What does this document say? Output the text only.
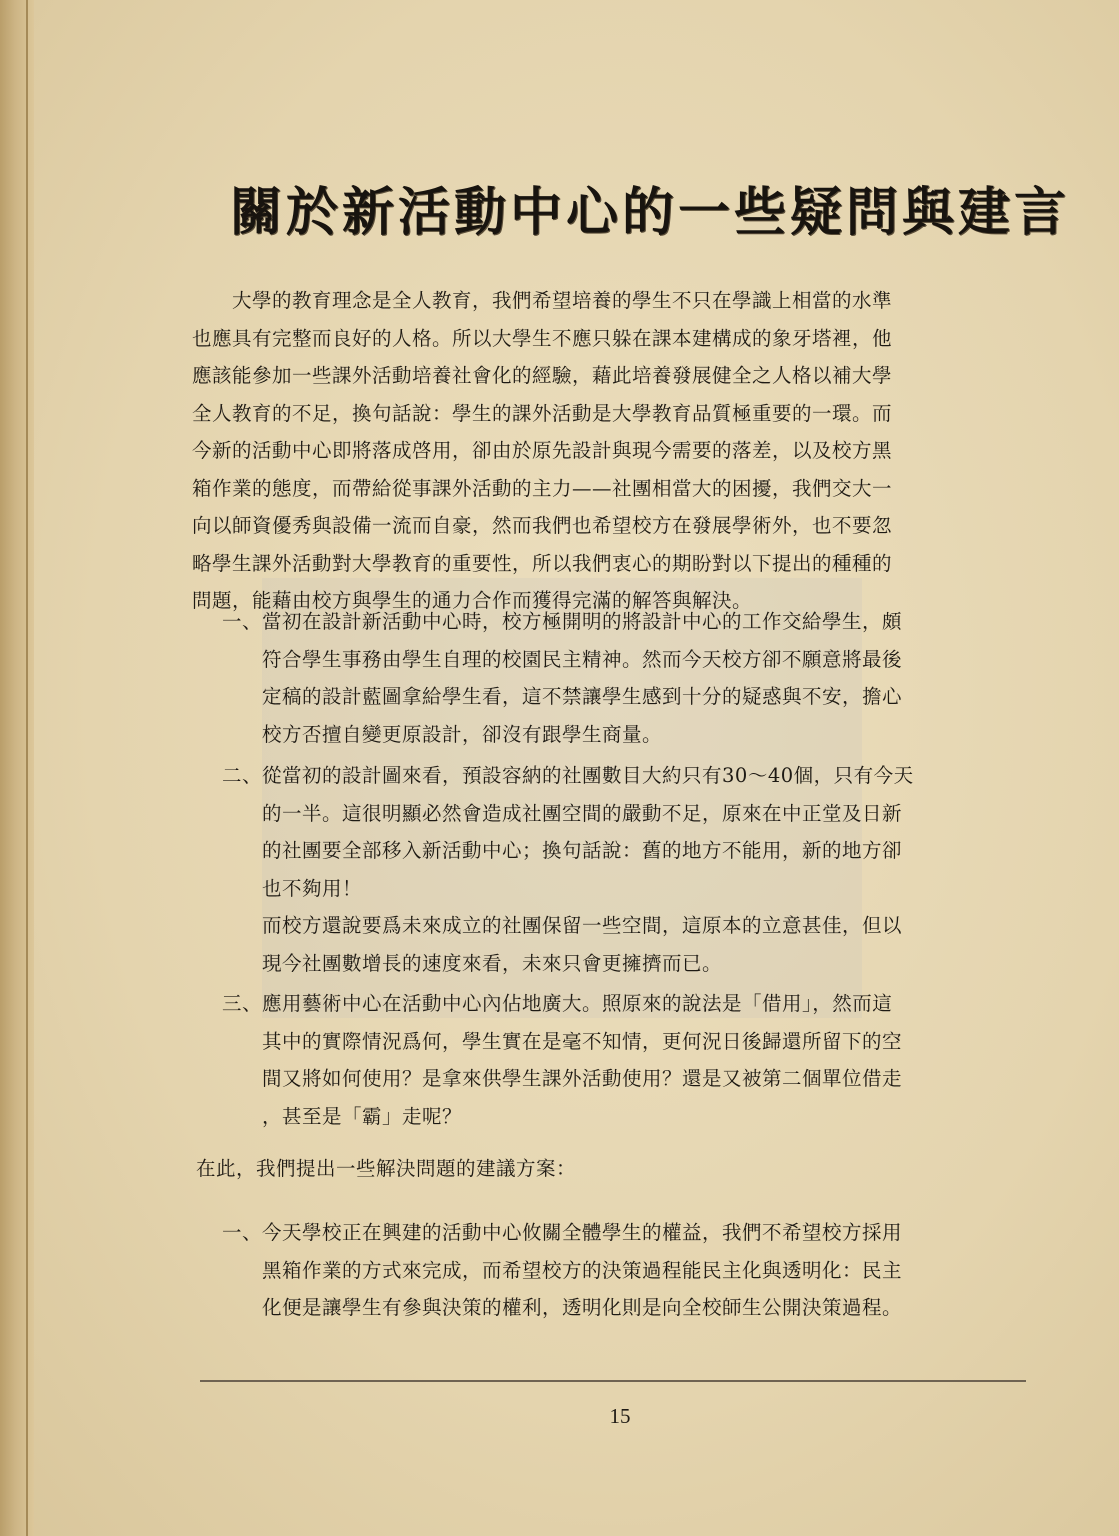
關於新活動中心的一些疑問與建言
大學的教育理念是全人教育，我們希望培養的學生不只在學識上相當的水準
也應具有完整而良好的人格。所以大學生不應只躲在課本建構成的象牙塔裡，他
應該能參加一些課外活動培養社會化的經驗，藉此培養發展健全之人格以補大學
全人教育的不足，換句話說：學生的課外活動是大學教育品質極重要的一環。而
今新的活動中心即將落成啓用，卻由於原先設計與現今需要的落差，以及校方黑
箱作業的態度，而帶給從事課外活動的主力——社團相當大的困擾，我們交大一
向以師資優秀與設備一流而自豪，然而我們也希望校方在發展學術外，也不要忽
略學生課外活動對大學教育的重要性，所以我們衷心的期盼對以下提出的種種的
問題，能藉由校方與學生的通力合作而獲得完滿的解答與解決。
一、 當初在設計新活動中心時，校方極開明的將設計中心的工作交給學生，頗
符合學生事務由學生自理的校園民主精神。然而今天校方卻不願意將最後
定稿的設計藍圖拿給學生看，這不禁讓學生感到十分的疑惑與不安，擔心
校方否擅自變更原設計，卻沒有跟學生商量。
二、 從當初的設計圖來看，預設容納的社團數目大約只有30～40個，只有今天
的一半。這很明顯必然會造成社團空間的嚴動不足，原來在中正堂及日新
的社團要全部移入新活動中心；換句話說：舊的地方不能用，新的地方卻
也不夠用！
而校方還說要爲未來成立的社團保留一些空間，這原本的立意甚佳，但以
現今社團數增長的速度來看，未來只會更擁擠而已。
三、 應用藝術中心在活動中心內佔地廣大。照原來的說法是「借用」，然而這
其中的實際情況爲何，學生實在是毫不知情，更何況日後歸還所留下的空
間又將如何使用？是拿來供學生課外活動使用？還是又被第二個單位借走
，甚至是「霸」走呢？
在此，我們提出一些解決問題的建議方案：
一、 今天學校正在興建的活動中心攸關全體學生的權益，我們不希望校方採用
黑箱作業的方式來完成，而希望校方的決策過程能民主化與透明化：民主
化便是讓學生有參與決策的權利，透明化則是向全校師生公開決策過程。
15
